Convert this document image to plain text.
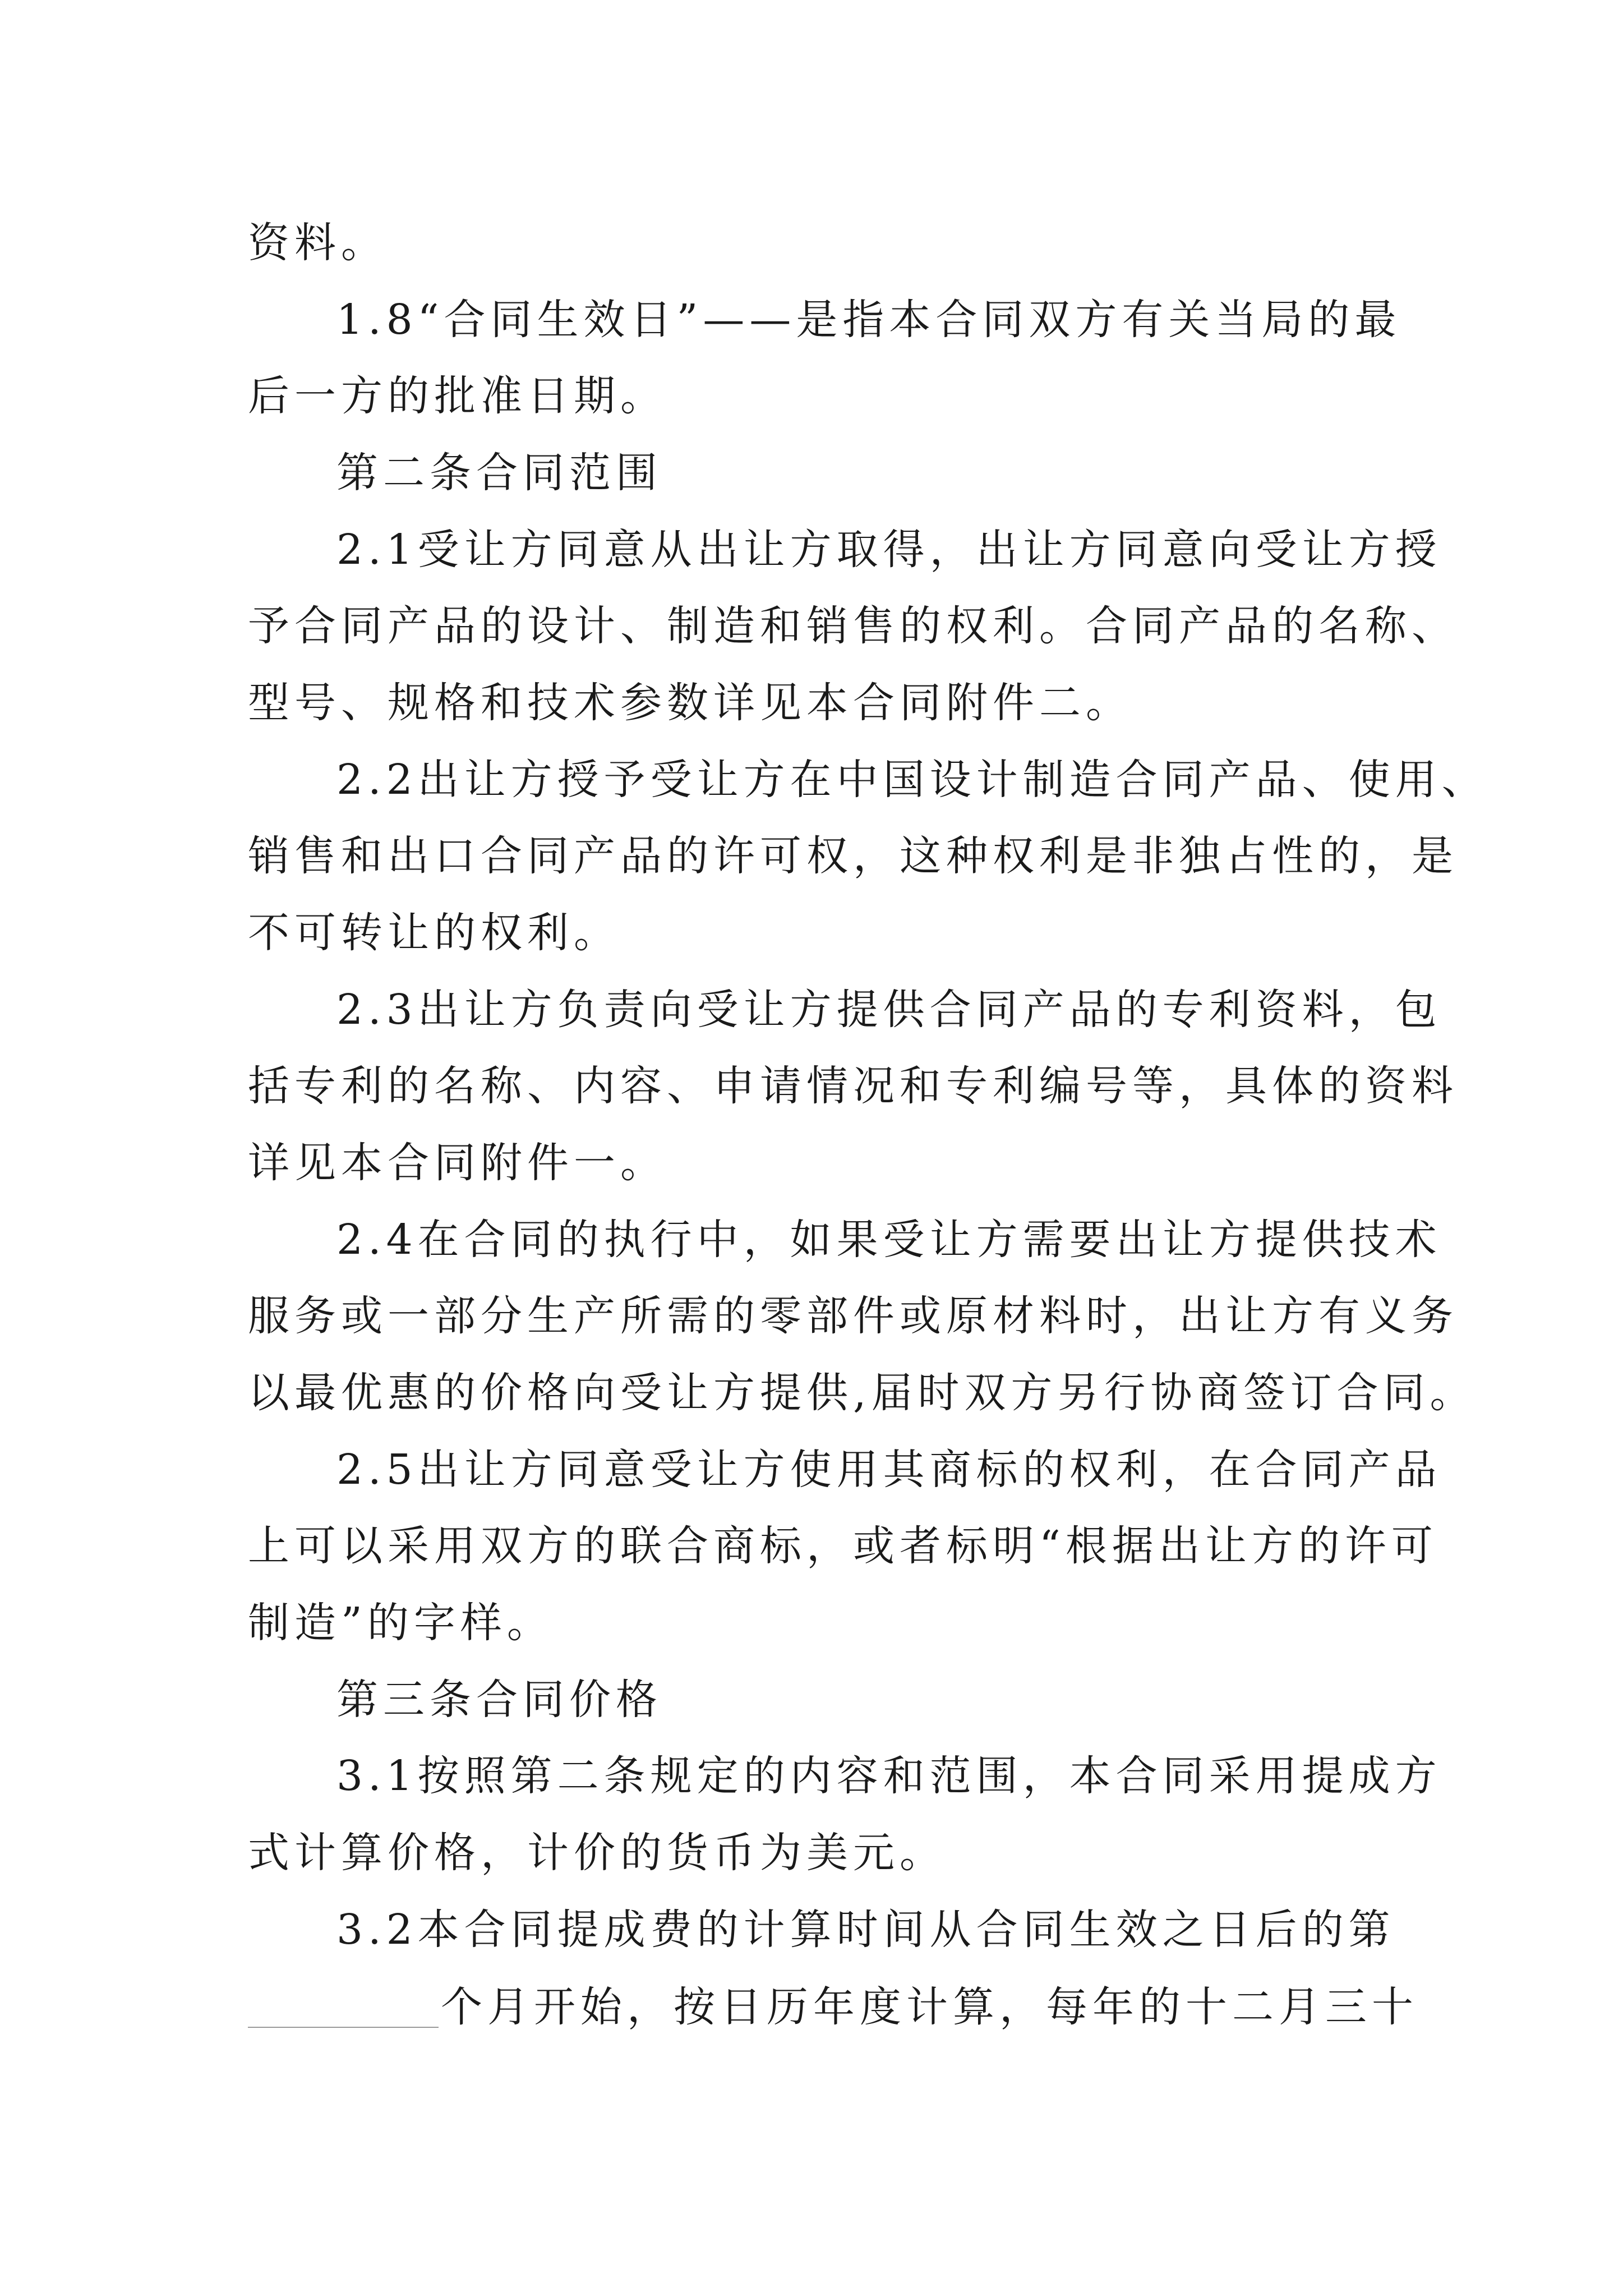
资料。
1.8“合同生效日”——是指本合同双方有关当局的最
后一方的批准日期。
第二条合同范围
2.1受让方同意从出让方取得，出让方同意向受让方授
予合同产品的设计、制造和销售的权利。合同产品的名称、
型号、规格和技术参数详见本合同附件二。
2.2出让方授予受让方在中国设计制造合同产品、使用、
销售和出口合同产品的许可权，这种权利是非独占性的，是
不可转让的权利。
2.3出让方负责向受让方提供合同产品的专利资料，包
括专利的名称、内容、申请情况和专利编号等，具体的资料
详见本合同附件一。
2.4在合同的执行中，如果受让方需要出让方提供技术
服务或一部分生产所需的零部件或原材料时，出让方有义务
以最优惠的价格向受让方提供,届时双方另行协商签订合同。
2.5出让方同意受让方使用其商标的权利，在合同产品
上可以采用双方的联合商标，或者标明“根据出让方的许可
制造”的字样。
第三条合同价格
3.1按照第二条规定的内容和范围，本合同采用提成方
式计算价格，计价的货币为美元。
3.2本合同提成费的计算时间从合同生效之日后的第
个月开始，按日历年度计算，每年的十二月三十
